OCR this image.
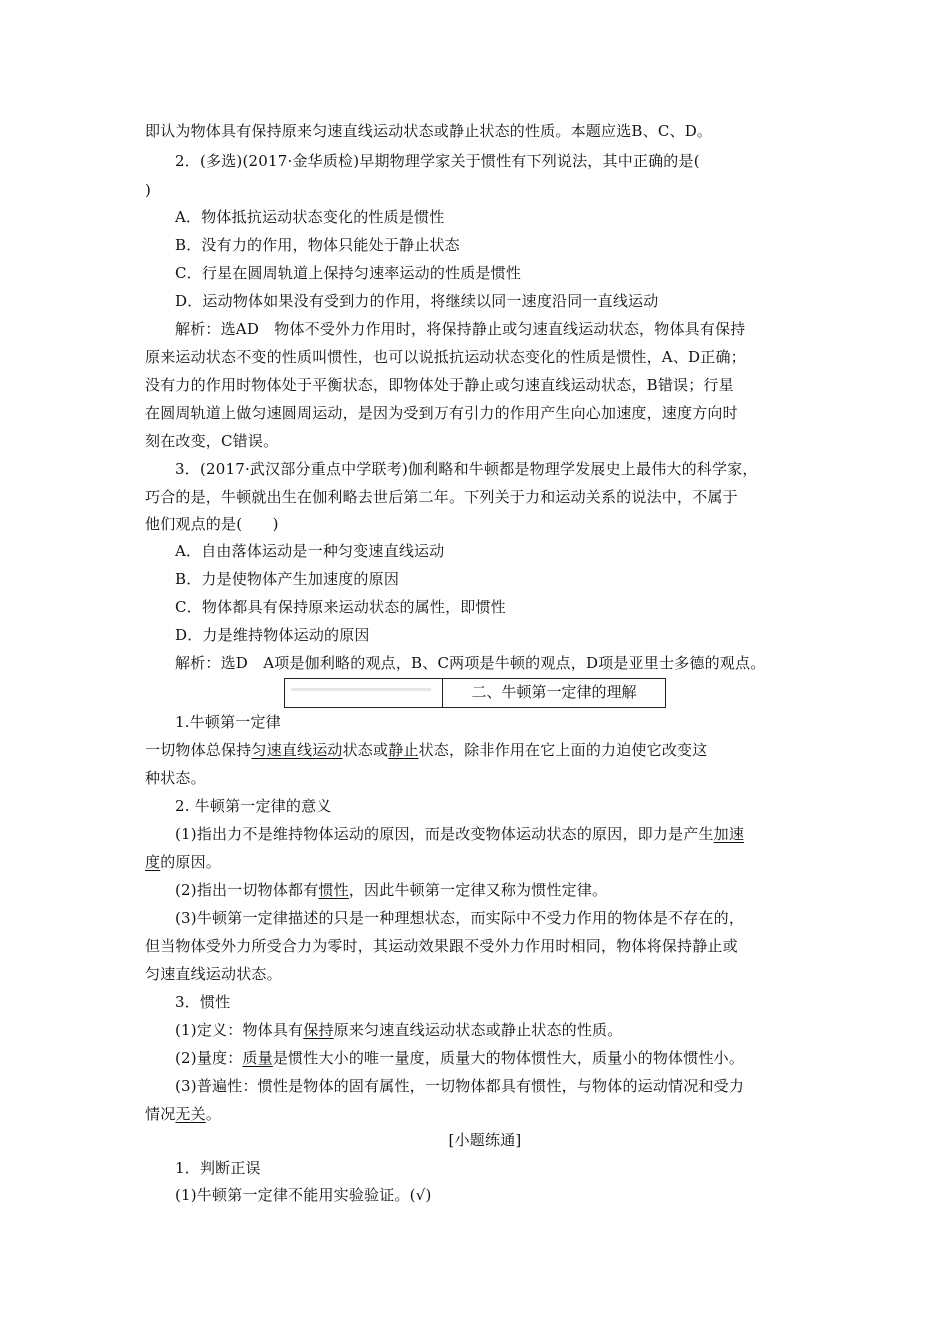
即认为物体具有保持原来匀速直线运动状态或静止状态的性质。本题应选B、C、D。
2．(多选)(2017·金华质检)早期物理学家关于惯性有下列说法，其中正确的是(
)
A．物体抵抗运动状态变化的性质是惯性
B．没有力的作用，物体只能处于静止状态
C．行星在圆周轨道上保持匀速率运动的性质是惯性
D．运动物体如果没有受到力的作用，将继续以同一速度沿同一直线运动
解析：选AD　物体不受外力作用时，将保持静止或匀速直线运动状态，物体具有保持
原来运动状态不变的性质叫惯性，也可以说抵抗运动状态变化的性质是惯性，A、D正确；
没有力的作用时物体处于平衡状态，即物体处于静止或匀速直线运动状态，B错误；行星
在圆周轨道上做匀速圆周运动，是因为受到万有引力的作用产生向心加速度，速度方向时
刻在改变，C错误。
3．(2017·武汉部分重点中学联考)伽利略和牛顿都是物理学发展史上最伟大的科学家，
巧合的是，牛顿就出生在伽利略去世后第二年。下列关于力和运动关系的说法中，不属于
他们观点的是(　　)
A．自由落体运动是一种匀变速直线运动
B．力是使物体产生加速度的原因
C．物体都具有保持原来运动状态的属性，即惯性
D．力是维持物体运动的原因
解析：选D　A项是伽利略的观点，B、C两项是牛顿的观点，D项是亚里士多德的观点。
二、牛顿第一定律的理解
1.牛顿第一定律
一切物体总保持匀速直线运动状态或静止状态，除非作用在它上面的力迫使它改变这
种状态。
2. 牛顿第一定律的意义
(1)指出力不是维持物体运动的原因，而是改变物体运动状态的原因，即力是产生加速
度的原因。
(2)指出一切物体都有惯性，因此牛顿第一定律又称为惯性定律。
(3)牛顿第一定律描述的只是一种理想状态，而实际中不受力作用的物体是不存在的，
但当物体受外力所受合力为零时，其运动效果跟不受外力作用时相同，物体将保持静止或
匀速直线运动状态。
3．惯性
(1)定义：物体具有保持原来匀速直线运动状态或静止状态的性质。
(2)量度：质量是惯性大小的唯一量度，质量大的物体惯性大，质量小的物体惯性小。
(3)普遍性：惯性是物体的固有属性，一切物体都具有惯性，与物体的运动情况和受力
情况无关。
[小题练通]
1．判断正误
(1)牛顿第一定律不能用实验验证。(√)
